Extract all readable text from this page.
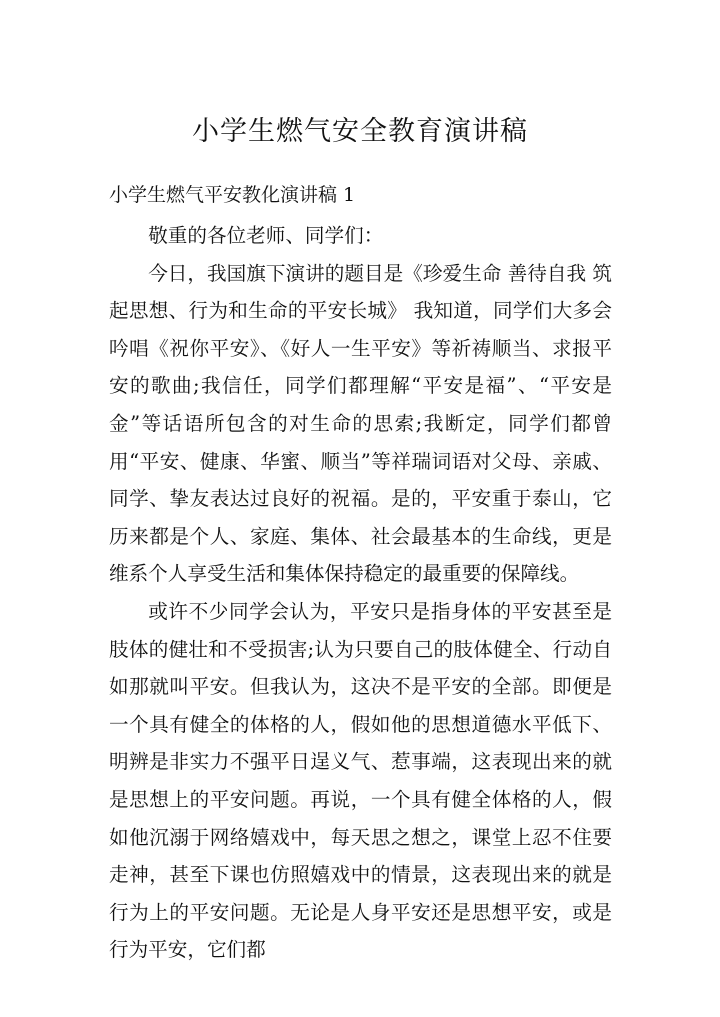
小学生燃气安全教育演讲稿
小学生燃气平安教化演讲稿 1

敬重的各位老师、同学们：

今日，我国旗下演讲的题目是《珍爱生命 善待自我 筑起思想、行为和生命的平安长城》 我知道，同学们大多会吟唱《祝你平安》、《好人一生平安》等祈祷顺当、求报平安的歌曲;我信任，同学们都理解“平安是福”、“平安是金”等话语所包含的对生命的思索;我断定，同学们都曾用“平安、健康、华蜜、顺当”等祥瑞词语对父母、亲戚、同学、挚友表达过良好的祝福。是的，平安重于泰山，它历来都是个人、家庭、集体、社会最基本的生命线，更是维系个人享受生活和集体保持稳定的最重要的保障线。

或许不少同学会认为，平安只是指身体的平安甚至是肢体的健壮和不受损害;认为只要自己的肢体健全、行动自如那就叫平安。但我认为，这决不是平安的全部。即便是一个具有健全的体格的人，假如他的思想道德水平低下、明辨是非实力不强平日逞义气、惹事端，这表现出来的就是思想上的平安问题。再说，一个具有健全体格的人，假如他沉溺于网络嬉戏中，每天思之想之，课堂上忍不住要走神，甚至下课也仿照嬉戏中的情景，这表现出来的就是行为上的平安问题。无论是人身平安还是思想平安，或是行为平安，它们都
